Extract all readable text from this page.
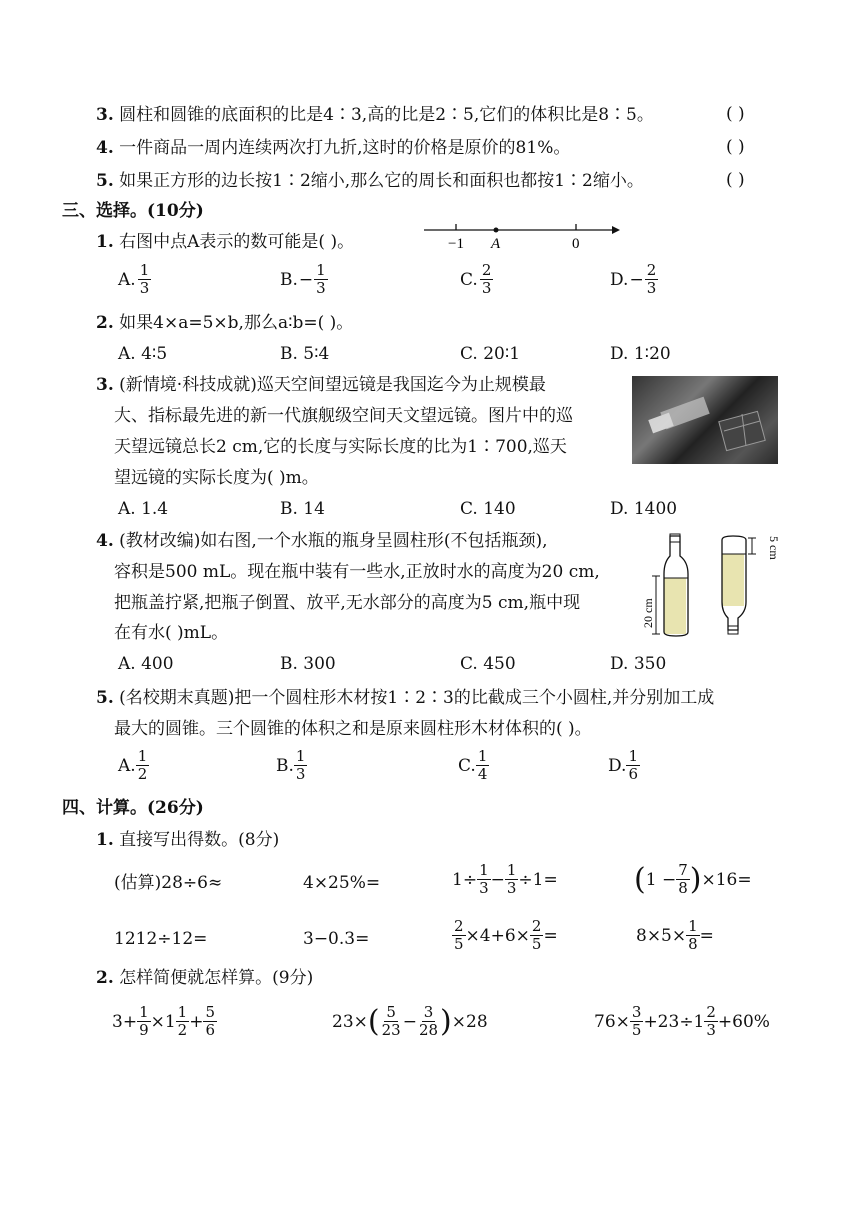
3. 圆柱和圆锥的底面积的比是4∶3,高的比是2∶5,它们的体积比是8∶5。	( )
4. 一件商品一周内连续两次打九折,这时的价格是原价的81%。	( )
5. 如果正方形的边长按1∶2缩小,那么它的周长和面积也都按1∶2缩小。	( )
三、选择。(10分)
1. 右图中点A表示的数可能是( )。	−1 A	0
A. $\frac{1}{3}$	B. − $\frac{1}{3}$	C. $\frac{2}{3}$	D. − $\frac{2}{3}$
2. 如果4×a=5×b,那么a∶b=( )。
A. 4∶5	B. 5∶4	C. 20∶1	D. 1∶20
3. (新情境·科技成就)巡天空间望远镜是我国迄今为止规模最
大、指标最先进的新一代旗舰级空间天文望远镜。图片中的巡
天望远镜总长2 cm,它的长度与实际长度的比为1∶700,巡天
望远镜的实际长度为( )m。
A. 1.4	B. 14	C. 140	D. 1400
4. (教材改编)如右图,一个水瓶的瓶身呈圆柱形(不包括瓶颈),
容积是500 mL。现在瓶中装有一些水,正放时水的高度为20 cm,
把瓶盖拧紧,把瓶子倒置、放平,无水部分的高度为5 cm,瓶中现
在有水( )mL。
20 cm
5 cm
A. 400	B. 300	C. 450	D. 350
5. (名校期末真题)把一个圆柱形木材按1∶2∶3的比截成三个小圆柱,并分别加工成
最大的圆锥。三个圆锥的体积之和是原来圆柱形木材体积的( )。
A. $\frac{1}{2}$	B. $\frac{1}{3}$	C. $\frac{1}{4}$	D. $\frac{1}{6}$
四、计算。(26分)
1. 直接写出得数。(8分)
(估算)28÷6≈	4×25%=	$1\div \frac{1}{3} - \frac{1}{3} \div 1=$	( $1 - \frac{7}{8}$ ) ×16=
1212÷12=	3−0.3=	$\frac{2}{5} \times 4+6\times \frac{2}{5}$ =	$8\times 5\times \frac{1}{8}$ =
2. 怎样简便就怎样算。(9分)
$3+ \frac{1}{9} \times 1 \frac{1}{2} + \frac{5}{6}$	23× ( $\frac{5}{23} - \frac{3}{28}$ ) ×28	$76\times \frac{3}{5} +23\div 1 \frac{2}{3} +60\%$
